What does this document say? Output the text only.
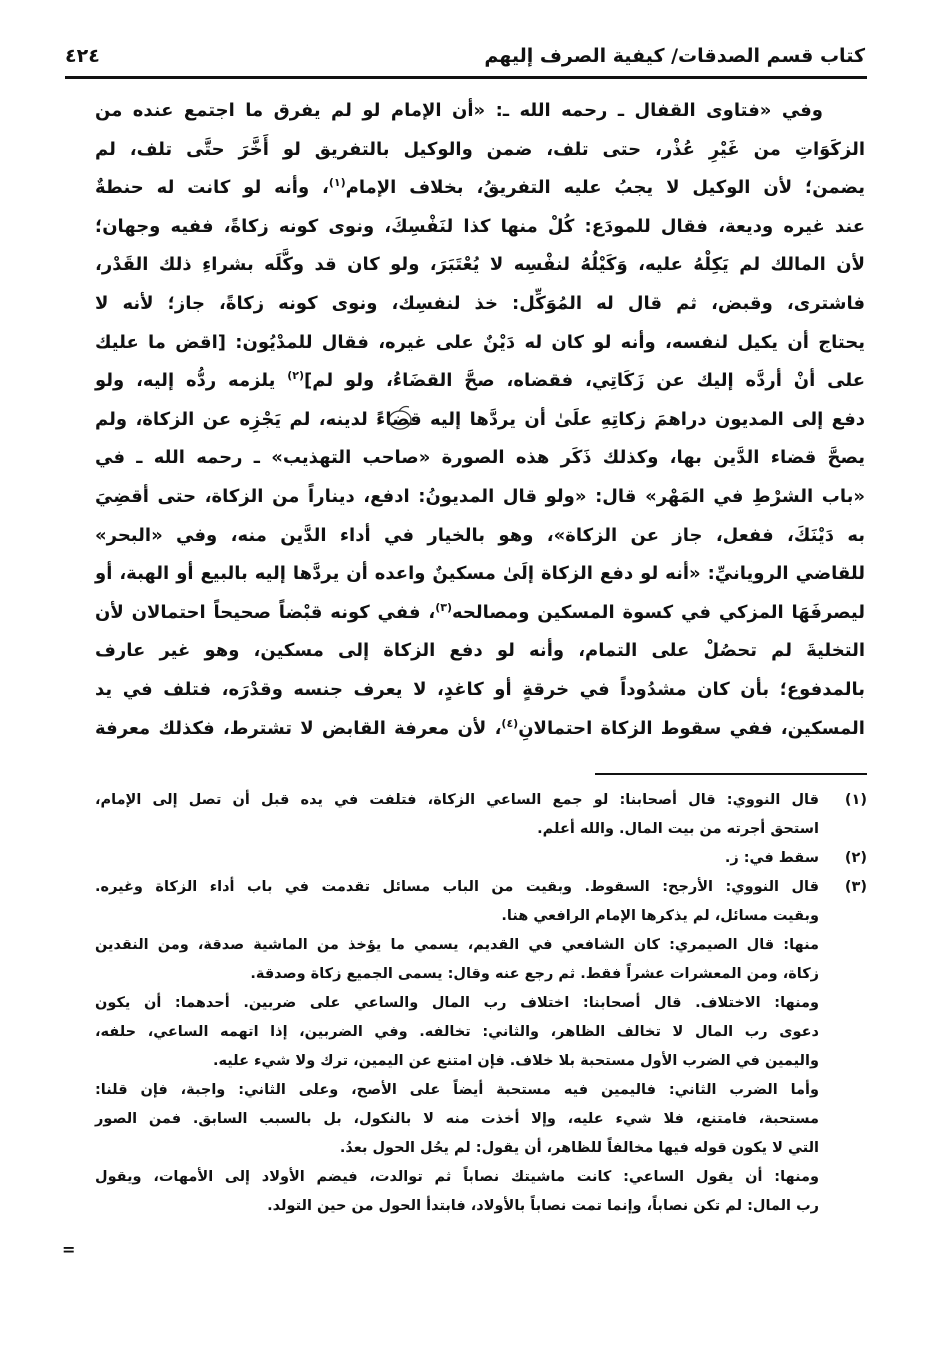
كتاب قسم الصدقات/ كيفية الصرف إليهم
٤٢٤
وفي «فتاوى القفال ـ رحمه الله ـ: «أن الإمام لو لم يفرق ما اجتمع عنده من
الزكَوَاتِ من غَيْرِ عُذْر، حتى تلف، ضمن والوكيل بالتفريق لو أَخَّرَ حتَّى تلف، لم
يضمن؛ لأن الوكيل لا يجبُ عليه التفريقُ، بخلاف الإمام$^{(١)}$، وأنه لو كانت له حنطةٌ
عند غيره وديعة، فقال للمودَع: كُلْ منها كذا لنَفْسِكَ، ونوى كونه زكاةً، ففيه وجهان؛
لأن المالك لم يَكِلْهُ عليه، وَكَيْلُهُ لنفْسِه لا يُعْتَبَرَ، ولو كان قد وكَّلَه بشراءِ ذلك القَدْر،
فاشترى، وقبض، ثم قال له المُوَكِّل: خذ لنفسِك، ونوى كونه زكاةً، جاز؛ لأنه لا
يحتاج أن يكيل لنفسه، وأنه لو كان له دَيْنٌ على غيره، فقال للمدْيُون: [اقض ما عليك
على أنْ أردَّه إليك عن زَكَاتِي، فقضاه، صحَّ القضَاءُ، ولو لم]$^{(٢)}$ يلزمه ردُّه إليه، ولو
دفع إلى المديون دراهمَ زكاتِهِ علَىٰ أن يردَّها إليه قضاءً لدينه، لم يَجْزِه عن الزكاة، ولم
يصحَّ قضاء الدَّين بها، وكذلك ذَكَر هذه الصورة «صاحب التهذيب» ـ رحمه الله ـ في
«باب الشرْطِ في المَهْر» قال: «ولو قال المديونُ: ادفع، ديناراً من الزكاة، حتى أقضِيَ
به دَيْنَكَ، ففعل، جاز عن الزكاة»، وهو بالخيار في أداء الدَّين منه، وفي «البحر»
للقاضي الرويانيِّ: «أنه لو دفع الزكاة إلَىٰ مسكينٌ واعده أن يردَّها إليه بالبيع أو الهبة، أو
ليصرفَهَا المزكي في كسوة المسكين ومصالحه$^{(٣)}$، ففي كونه قبْضاً صحيحاً احتمالان لأن
التخليةَ لم تحصُلْ على التمام، وأنه لو دفع الزكاة إلى مسكين، وهو غير عارف
بالمدفوع؛ بأن كان مشدُوداً في خرقةٍ أو كاغدٍ، لا يعرف جنسه وقدْرَه، فتلف في يد
المسكين، ففي سقوط الزكاة احتمالانِ$^{(٤)}$، لأن معرفة القابض لا تشترط، فكذلك معرفة
(١)
قال النووي: قال أصحابنا: لو جمع الساعي الزكاة، فتلفت في يده قبل أن تصل إلى الإمام،
استحق أجرته من بيت المال. والله أعلم.
(٢)
سقط في: ز.
(٣)
قال النووي: الأرجح: السقوط. وبقيت من الباب مسائل تقدمت في باب أداء الزكاة وغيره.
وبقيت مسائل، لم يذكرها الإمام الرافعي هنا.
منها: قال الصيمري: كان الشافعي في القديم، يسمي ما يؤخذ من الماشية صدقة، ومن النقدين
زكاة، ومن المعشرات عشراً فقط. ثم رجع عنه وقال: يسمى الجميع زكاة وصدقة.
ومنها: الاختلاف. قال أصحابنا: اختلاف رب المال والساعي على ضربين. أحدهما: أن يكون
دعوى رب المال لا تخالف الظاهر، والثاني: تخالفه. وفي الضربين، إذا اتهمه الساعي، حلفه،
واليمين في الضرب الأول مستحبة بلا خلاف. فإن امتنع عن اليمين، ترك ولا شيء عليه.
وأما الضرب الثاني: فاليمين فيه مستحبة أيضاً على الأصح، وعلى الثاني: واجبة، فإن قلنا:
مستحبة، فامتنع، فلا شيء عليه، وإلا أخذت منه لا بالنكول، بل بالسبب السابق. فمن الصور
التي لا يكون قوله فيها مخالفاً للظاهر، أن يقول: لم يحُل الحول بعدُ.
ومنها: أن يقول الساعي: كانت ماشيتك نصاباً ثم توالدت، فيضم الأولاد إلى الأمهات، ويقول
رب المال: لم تكن نصاباً، وإنما تمت نصاباً بالأولاد، فابتدأ الحول من حين التولد.
=
